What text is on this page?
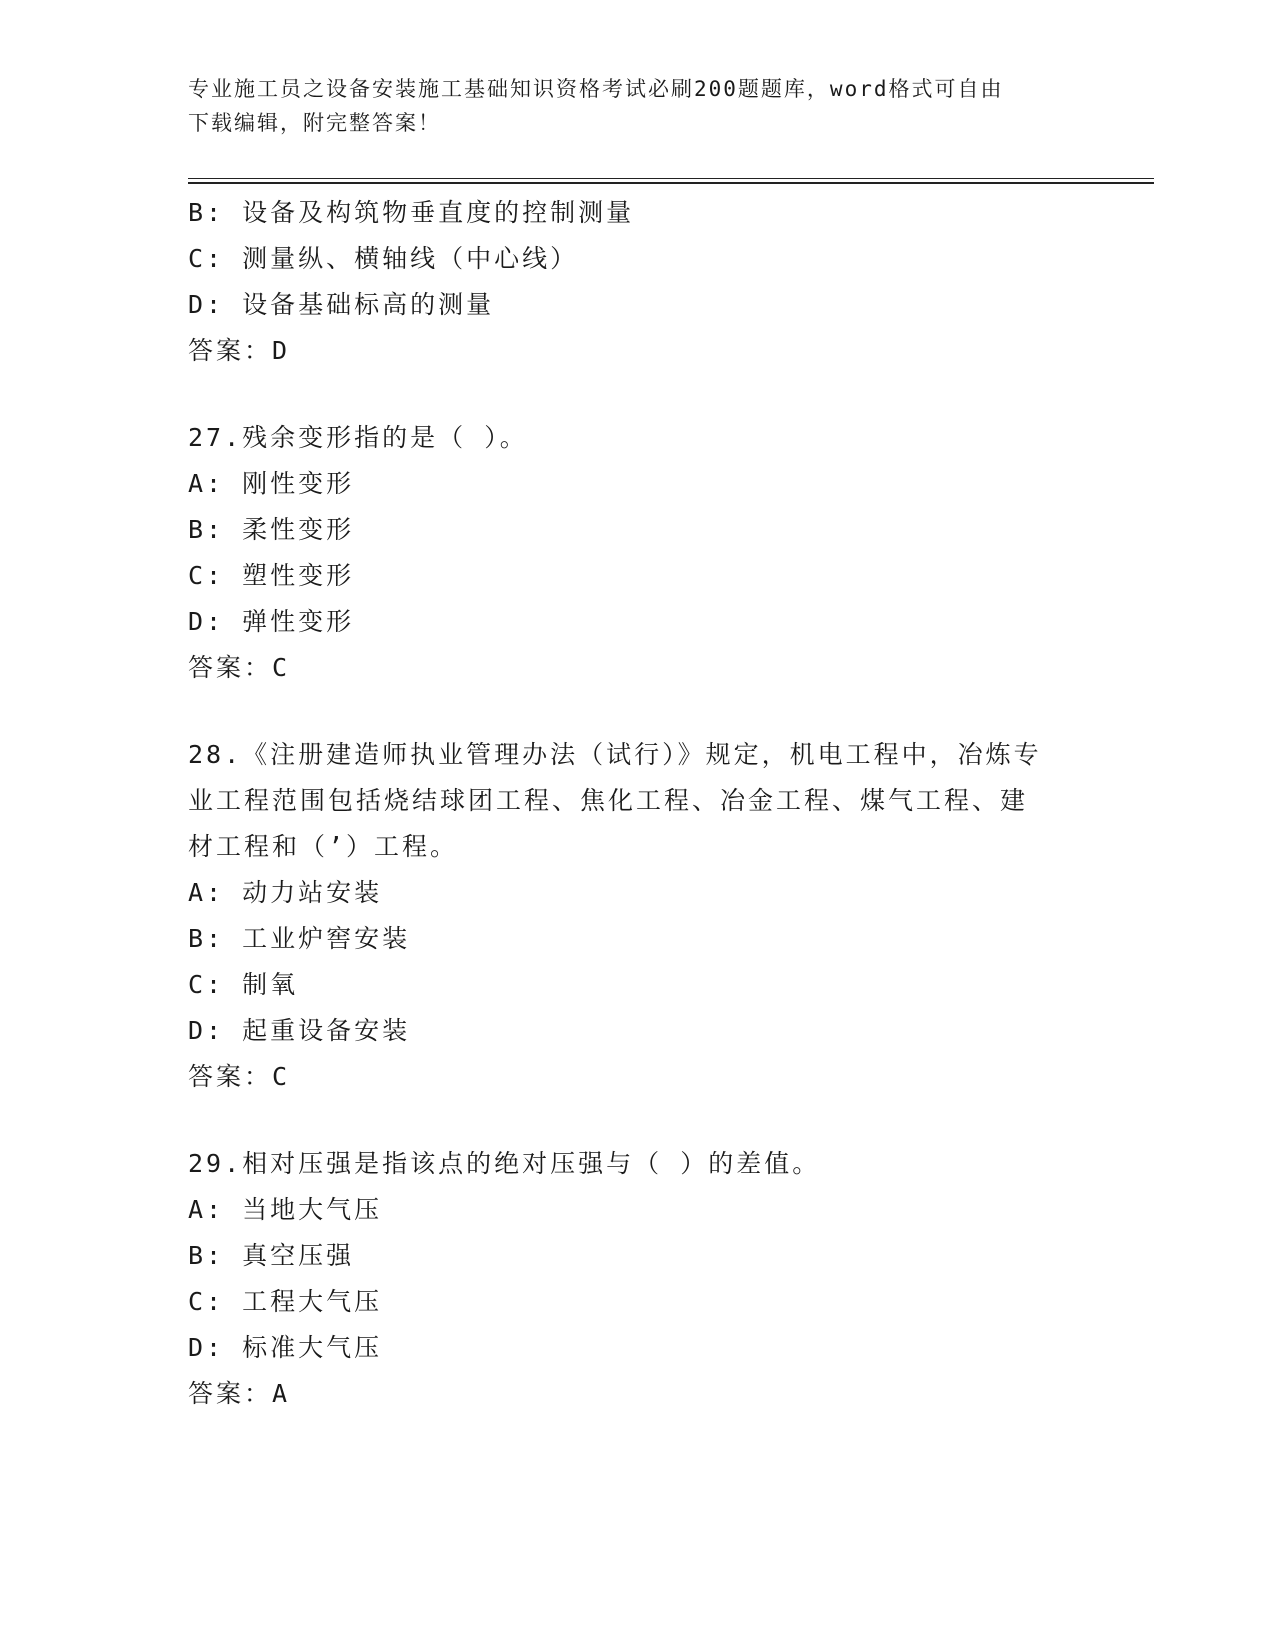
专业施工员之设备安装施工基础知识资格考试必刷200题题库，word格式可自由
下载编辑，附完整答案！
B: 设备及构筑物垂直度的控制测量
C: 测量纵、横轴线（中心线）
D: 设备基础标高的测量
答案：D
27.残余变形指的是（ ）。
A: 刚性变形
B: 柔性变形
C: 塑性变形
D: 弹性变形
答案：C
28.《注册建造师执业管理办法（试行）》规定，机电工程中，冶炼专
业工程范围包括烧结球团工程、焦化工程、冶金工程、煤气工程、建
材工程和（’）工程。
A: 动力站安装
B: 工业炉窖安装
C: 制氧
D: 起重设备安装
答案：C
29.相对压强是指该点的绝对压强与（ ）的差值。
A: 当地大气压
B: 真空压强
C: 工程大气压
D: 标准大气压
答案：A
